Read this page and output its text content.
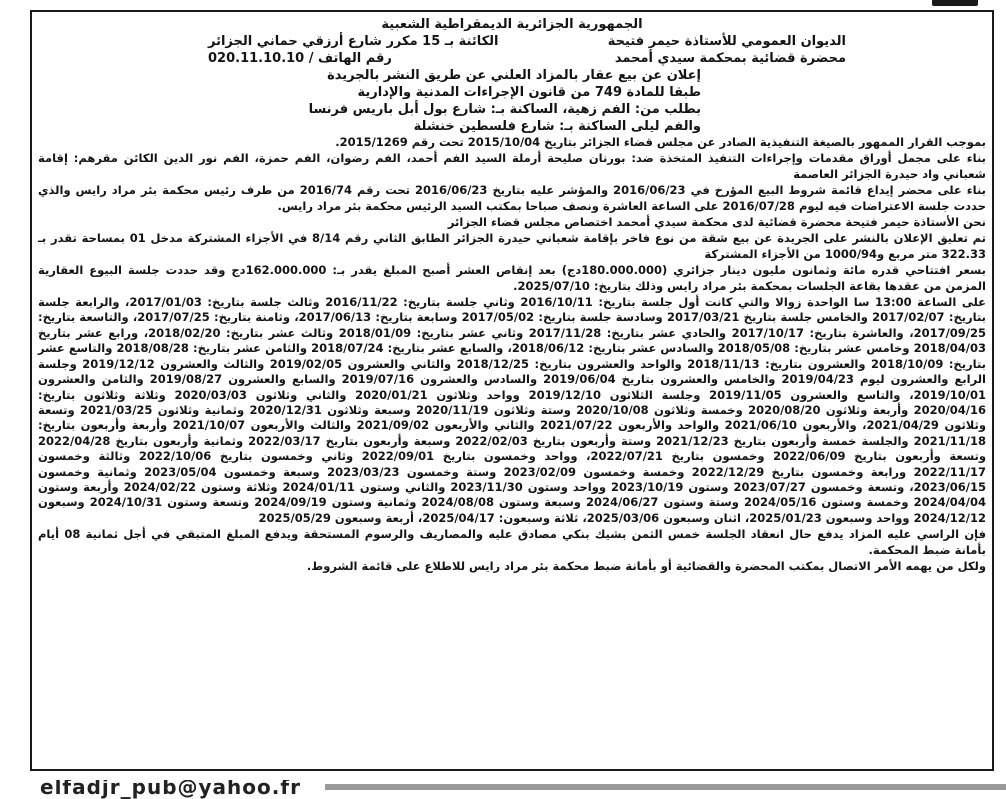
الجمهورية الجزائرية الديمقراطية الشعبية

الديوان العمومي للأستاذة حيمر فتيحة
الكائنة بـ 15 مكرر شارع أرزقي حماني الجزائر
محضرة قضائية بمحكمة سيدي أمحمد
رقم الهاتف / 020.11.10.10
إعلان عن بيع عقار بالمزاد العلني عن طريق النشر بالجريدة
طبقا للمادة 749 من قانون الإجراءات المدنية والإدارية
بطلب من: الفم زهية، الساكنة بـ: شارع بول أبل باريس فرنسا
والفم ليلى الساكنة بـ: شارع فلسطين خنشلة

بموجب القرار الممهور بالصيغة التنفيذية الصادر عن مجلس قضاء الجزائر بتاريخ 2015/10/04 تحت رقم 2015/1269.

بناء على مجمل أوراق مقدمات وإجراءات التنفيذ المتخذة ضد: بورنان صليحة أرملة السيد الفم أحمد، الفم رضوان، الفم حمزة، الفم نور الدين الكائن مقرهم: إقامة شعباني واد حيدرة الجزائر العاصمة

بناء على محضر إيداع قائمة شروط البيع المؤرخ في 2016/06/23 والمؤشر عليه بتاريخ 2016/06/23 تحت رقم 2016/74 من طرف رئيس محكمة بئر مراد رايس والذي حددت جلسة الاعتراضات فيه ليوم 2016/07/28 على الساعة العاشرة ونصف صباحا بمكتب السيد الرئيس محكمة بئر مراد رايس.

نحن الأستاذة حيمر فتيحة محضرة قضائية لدى محكمة سيدي أمحمد اختصاص مجلس قضاء الجزائر

تم تعليق الإعلان بالنشر على الجريدة عن بيع شقة من نوع فاخر بإقامة شعباني حيدرة الجزائر الطابق الثاني رقم 8/14 في الأجزاء المشتركة مدخل 01 بمساحة تقدر بـ 322.33 متر مربع و1000/94 من الأجزاء المشتركة

بسعر افتتاحي قدره مائة وثمانون مليون دينار جزائري (180.000.000دج) بعد إنقاص العشر أصبح المبلغ يقدر بـ: 162.000.000دج وقد حددت جلسة البيوع العقارية المزمن من عقدها بقاعة الجلسات بمحكمة بئر مراد رايس وذلك بتاريخ: 2025/07/10.

على الساعة 13:00 سا الواحدة زوالا والتي كانت أول جلسة بتاريخ: 2016/10/11 وثاني جلسة بتاريخ: 2016/11/22 وثالث جلسة بتاريخ: 2017/01/03، والرابعة جلسة بتاريخ: 2017/02/07 والخامس جلسة بتاريخ 2017/03/21 وسادسة جلسة بتاريخ: 2017/05/02 وسابعة بتاريخ: 2017/06/13، وثامنة بتاريخ: 2017/07/25، والتاسعة بتاريخ: 2017/09/25، والعاشرة بتاريخ: 2017/10/17 والحادي عشر بتاريخ: 2017/11/28 وثاني عشر بتاريخ: 2018/01/09 وثالث عشر بتاريخ: 2018/02/20، ورابع عشر بتاريخ 2018/04/03 وخامس عشر بتاريخ: 2018/05/08 والسادس عشر بتاريخ: 2018/06/12، والسابع عشر بتاريخ: 2018/07/24 والثامن عشر بتاريخ: 2018/08/28 والتاسع عشر بتاريخ: 2018/10/09 والعشرون بتاريخ: 2018/11/13 والواحد والعشرون بتاريخ: 2018/12/25 والثاني والعشرون 2019/02/05 والثالث والعشرون 2019/12/12 وجلسة الرابع والعشرون ليوم 2019/04/23 والخامس والعشرون بتاريخ 2019/06/04 والسادس والعشرون 2019/07/16 والسابع والعشرون 2019/08/27 والثامن والعشرون 2019/10/01، والتاسع والعشرون 2019/11/05 وجلسة الثلاثون 2019/12/10 وواحد وثلاثون 2020/01/21 والثاني وثلاثون 2020/03/03 وثلاثة وثلاثون بتاريخ: 2020/04/16 وأربعة وثلاثون 2020/08/20 وخمسة وثلاثون 2020/10/08 وستة وثلاثون 2020/11/19 وسبعة وثلاثون 2020/12/31 وثمانية وثلاثون 2021/03/25 وتسعة وثلاثون 2021/04/29، والأربعون 2021/06/10 والواحد والأربعون 2021/07/22 والثاني والأربعون 2021/09/02 والثالث والأربعون 2021/10/07 وأربعة وأربعون بتاريخ: 2021/11/18 والجلسة خمسة وأربعون بتاريخ 2021/12/23 وستة وأربعون بتاريخ 2022/02/03 وسبعة وأربعون بتاريخ 2022/03/17 وثمانية وأربعون بتاريخ 2022/04/28 وتسعة وأربعون بتاريخ 2022/06/09 وخمسون بتاريخ 2022/07/21، وواحد وخمسون بتاريخ 2022/09/01 وثاني وخمسون بتاريخ 2022/10/06 وثالثة وخمسون 2022/11/17 ورابعة وخمسون بتاريخ 2022/12/29 وخمسة وخمسون 2023/02/09 وستة وخمسون 2023/03/23 وسبعة وخمسون 2023/05/04 وثمانية وخمسون 2023/06/15، وتسعة وخمسون 2023/07/27 وستون 2023/10/19 وواحد وستون 2023/11/30 والثاني وستون 2024/01/11 وثلاثة وستون 2024/02/22 وأربعة وستون 2024/04/04 وخمسة وستون 2024/05/16 وستة وستون 2024/06/27 وسبعة وستون 2024/08/08 وثمانية وستون 2024/09/19 وتسعة وستون 2024/10/31 وسبعون 2024/12/12 وواحد وسبعون 2025/01/23، اثنان وسبعون 2025/03/06، ثلاثة وسبعون: 2025/04/17، أربعة وسبعون 2025/05/29

فإن الراسي عليه المزاد يدفع حال انعقاد الجلسة خمس الثمن بشيك بنكي مصادق عليه والمصاريف والرسوم المستحقة ويدفع المبلغ المتبقي في أجل ثمانية 08 أيام بأمانة ضبط المحكمة.

ولكل من يهمه الأمر الاتصال بمكتب المحضرة والقضائية أو بأمانة ضبط محكمة بئر مراد رايس للاطلاع على قائمة الشروط.

elfadjr_pub@yahoo.fr
